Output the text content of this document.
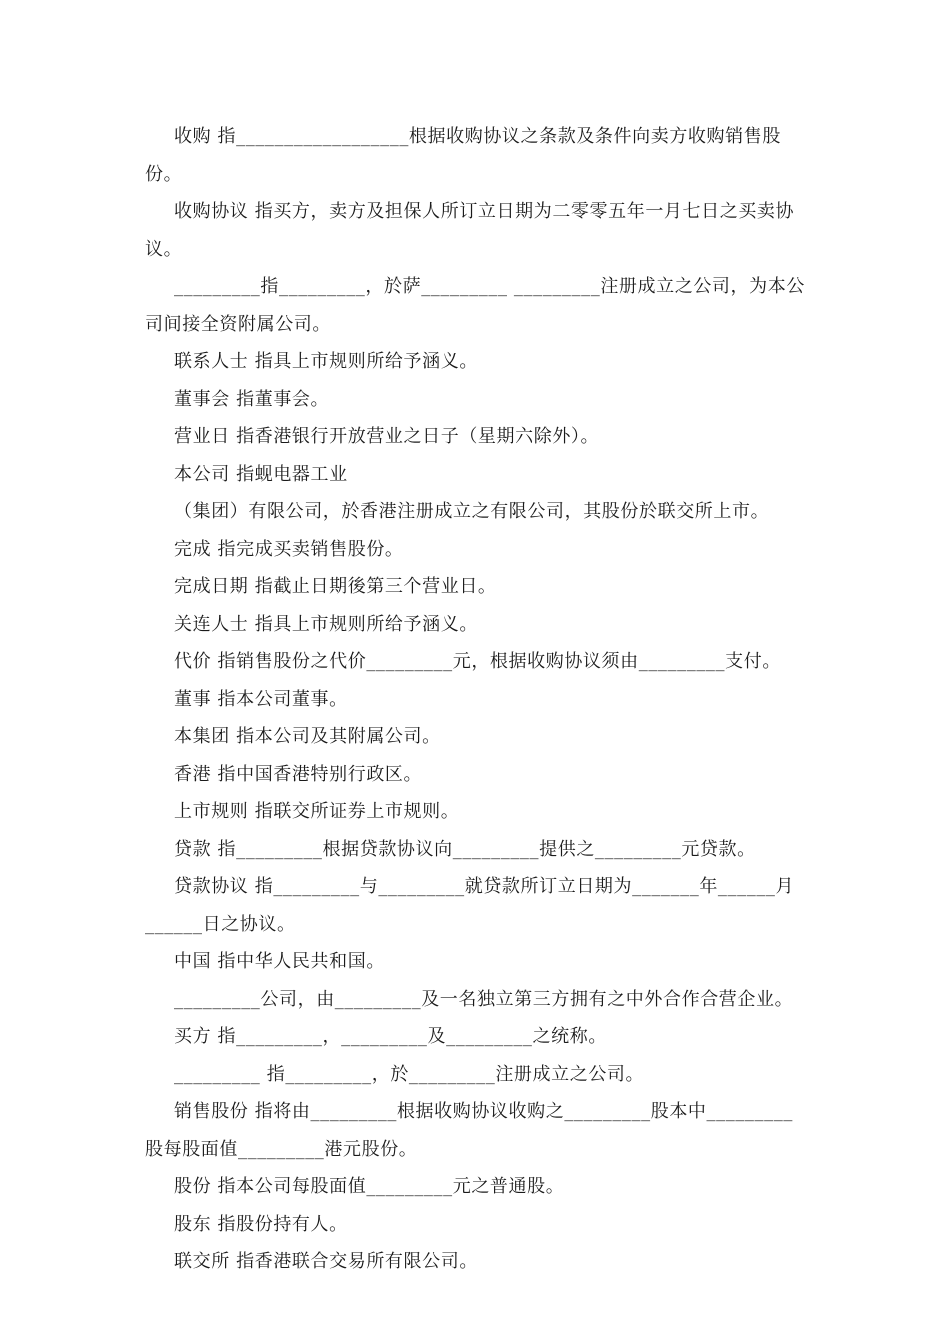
收购 指__________________根据收购协议之条款及条件向卖方收购销售股份。

收购协议 指买方，卖方及担保人所订立日期为二零零五年一月七日之买卖协议。

_________指_________，於萨_________ _________注册成立之公司，为本公司间接全资附属公司。

联系人士 指具上市规则所给予涵义。

董事会 指董事会。

营业日 指香港银行开放营业之日子（星期六除外）。

本公司 指蚬电器工业

（集团）有限公司，於香港注册成立之有限公司，其股份於联交所上市。

完成 指完成买卖销售股份。

完成日期 指截止日期後第三个营业日。

关连人士 指具上市规则所给予涵义。

代价 指销售股份之代价_________元，根据收购协议须由_________支付。

董事 指本公司董事。

本集团 指本公司及其附属公司。

香港 指中国香港特别行政区。

上市规则 指联交所证券上市规则。

贷款 指_________根据贷款协议向_________提供之_________元贷款。

贷款协议 指_________与_________就贷款所订立日期为_______年______月______日之协议。

中国 指中华人民共和国。

_________公司，由_________及一名独立第三方拥有之中外合作合营企业。

买方 指_________，_________及_________之统称。

_________ 指_________，於_________注册成立之公司。

销售股份 指将由_________根据收购协议收购之_________股本中_________股每股面值_________港元股份。

股份 指本公司每股面值_________元之普通股。

股东 指股份持有人。

联交所 指香港联合交易所有限公司。
